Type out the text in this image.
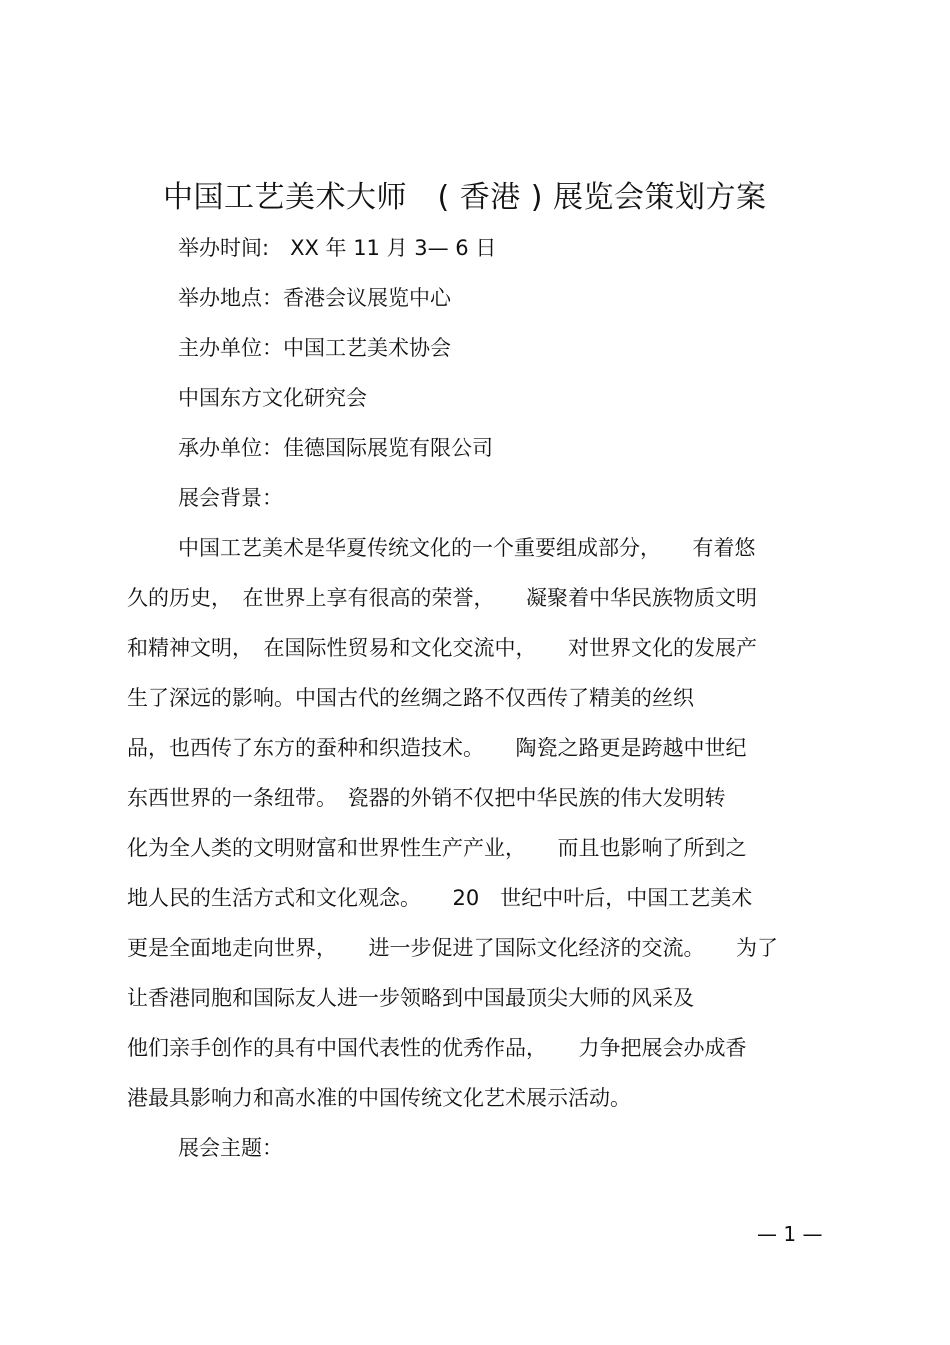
中国工艺美术大师　( 香港 ) 展览会策划方案
举办时间:　XX 年 11 月 3— 6 日
举办地点：香港会议展览中心
主办单位：中国工艺美术协会
中国东方文化研究会
承办单位：佳德国际展览有限公司
展会背景：
中国工艺美术是华夏传统文化的一个重要组成部分，　　有着悠
久的历史，　在世界上享有很高的荣誉，　　凝聚着中华民族物质文明
和精神文明，　在国际性贸易和文化交流中，　　对世界文化的发展产
生了深远的影响。中国古代的丝绸之路不仅西传了精美的丝织
品，也西传了东方的蚕种和织造技术。　　陶瓷之路更是跨越中世纪
东西世界的一条纽带。　瓷器的外销不仅把中华民族的伟大发明转
化为全人类的文明财富和世界性生产产业，　　而且也影响了所到之
地人民的生活方式和文化观念。　　20　世纪中叶后，中国工艺美术
更是全面地走向世界，　　进一步促进了国际文化经济的交流。　　为了
让香港同胞和国际友人进一步领略到中国最顶尖大师的风采及
他们亲手创作的具有中国代表性的优秀作品，　　力争把展会办成香
港最具影响力和高水准的中国传统文化艺术展示活动。
展会主题：
— 1 —
